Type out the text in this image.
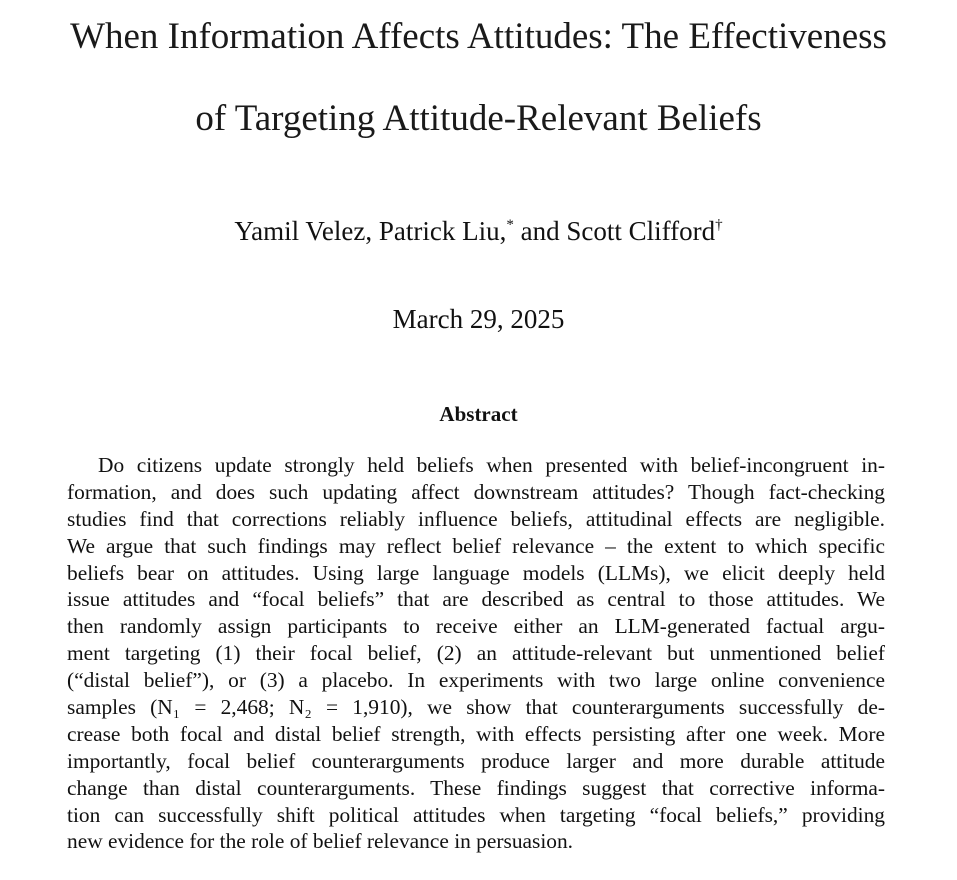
When Information Affects Attitudes: The Effectiveness
of Targeting Attitude-Relevant Beliefs
Yamil Velez, Patrick Liu,* and Scott Clifford†
March 29, 2025
Abstract
Do citizens update strongly held beliefs when presented with belief-incongruent in-
formation, and does such updating affect downstream attitudes? Though fact-checking
studies find that corrections reliably influence beliefs, attitudinal effects are negligible.
We argue that such findings may reflect belief relevance – the extent to which specific
beliefs bear on attitudes. Using large language models (LLMs), we elicit deeply held
issue attitudes and “focal beliefs” that are described as central to those attitudes. We
then randomly assign participants to receive either an LLM-generated factual argu-
ment targeting (1) their focal belief, (2) an attitude-relevant but unmentioned belief
(“distal belief”), or (3) a placebo. In experiments with two large online convenience
samples (N₁ = 2,468; N₂ = 1,910), we show that counterarguments successfully de-
crease both focal and distal belief strength, with effects persisting after one week. More
importantly, focal belief counterarguments produce larger and more durable attitude
change than distal counterarguments. These findings suggest that corrective informa-
tion can successfully shift political attitudes when targeting “focal beliefs,” providing
new evidence for the role of belief relevance in persuasion.
